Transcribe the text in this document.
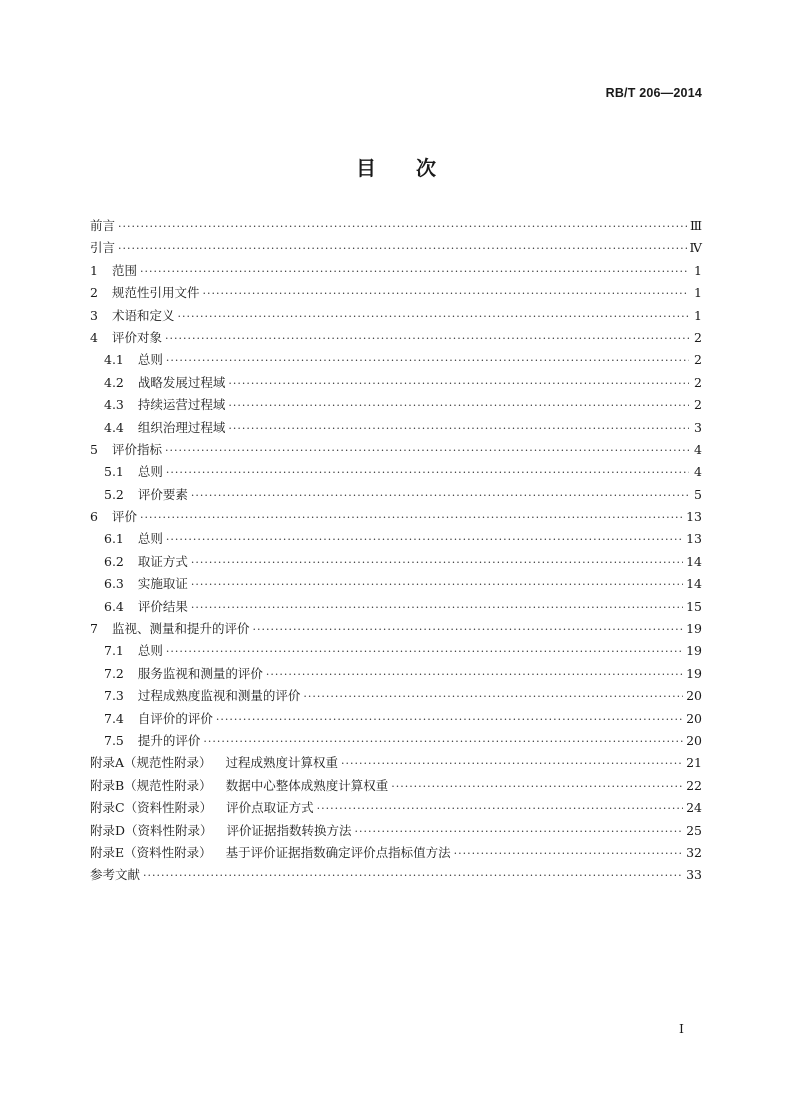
RB/T 206—2014
目 次
前言 ·····	Ⅲ
引言 ·····	Ⅳ
1 范围 ·····	1
2 规范性引用文件 ·····	1
3 术语和定义 ·····	1
4 评价对象 ·····	2
4.1 总则 ·····	2
4.2 战略发展过程域 ·····	2
4.3 持续运营过程域 ·····	2
4.4 组织治理过程域 ·····	3
5 评价指标 ·····	4
5.1 总则 ·····	4
5.2 评价要素 ·····	5
6 评价 ·····	13
6.1 总则 ·····	13
6.2 取证方式 ·····	14
6.3 实施取证 ·····	14
6.4 评价结果 ·····	15
7 监视、测量和提升的评价 ·····	19
7.1 总则 ·····	19
7.2 服务监视和测量的评价 ·····	19
7.3 过程成熟度监视和测量的评价 ·····	20
7.4 自评价的评价 ·····	20
7.5 提升的评价 ·····	20
附录A（规范性附录） 过程成熟度计算权重 ·····	21
附录B（规范性附录） 数据中心整体成熟度计算权重 ·····	22
附录C（资料性附录） 评价点取证方式 ·····	24
附录D（资料性附录） 评价证据指数转换方法 ·····	25
附录E（资料性附录） 基于评价证据指数确定评价点指标值方法 ·····	32
参考文献 ·····	33
Ⅰ
